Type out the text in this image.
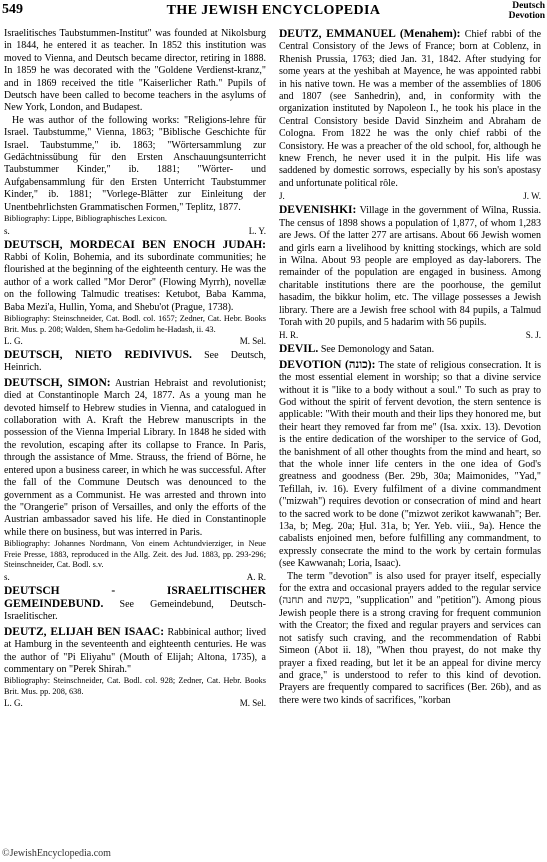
549	THE JEWISH ENCYCLOPEDIA	Deutsch
Devotion

Israelitisches Taubstummen-Institut" was founded at Nikolsburg in 1844, he entered it as teacher. In 1852 this institution was moved to Vienna, and Deutsch became director, retiring in 1888. In 1859 he was decorated with the "Goldene Verdienst-kranz," and in 1869 received the title "Kaiserlicher Rath." Pupils of Deutsch have been called to become teachers in the asylums of New York, London, and Budapest.

He was author of the following works: "Religions-lehre für Israel. Taubstumme," Vienna, 1863; "Biblische Geschichte für Israel. Taubstumme," ib. 1863; "Wörtersammlung zur Gedächtnissübung für den Ersten Anschauungsunterricht Taubstummer Kinder," ib. 1881; "Wörter- und Aufgabensammlung für den Ersten Unterricht Taubstummer Kinder," ib. 1881; "Vorlege-Blätter zur Einleitung der Unentbehrlichsten Grammatischen Formen," Teplitz, 1877.

Bibliography: Lippe, Bibliographisches Lexicon.

s.	L. Y.

DEUTSCH, MORDECAI BEN ENOCH JUDAH: Rabbi of Kolin, Bohemia, and its subordinate communities; he flourished at the beginning of the eighteenth century. He was the author of a work called "Mor Deror" (Flowing Myrrh), novellæ on the following Talmudic treatises: Ketubot, Baba Kamma, Baba Mezi'a, Hullin, Yoma, and Shebu'ot (Prague, 1738).

Bibliography: Steinschneider, Cat. Bodl. col. 1657; Zedner, Cat. Hebr. Books Brit. Mus. p. 208; Walden, Shem ha-Gedolim he-Hadash, ii. 43.

L. G.	M. Sel.

DEUTSCH, NIETO REDIVIVUS. See Deutsch, Heinrich.

DEUTSCH, SIMON: Austrian Hebraist and revolutionist; died at Constantinople March 24, 1877. As a young man he devoted himself to Hebrew studies in Vienna, and catalogued in collaboration with A. Kraft the Hebrew manuscripts in the possession of the Vienna Imperial Library. In 1848 he sided with the revolution, escaping after its collapse to France. In Paris, through the assistance of Mme. Strauss, the friend of Börne, he entered upon a business career, in which he was successful. After the fall of the Commune Deutsch was denounced to the government as a Communist. He was arrested and thrown into the "Orangerie" prison of Versailles, and only the efforts of the Austrian ambassador saved his life. He died in Constantinople while there on business, but was interred in Paris.

Bibliography: Johannes Nordmann, Von einem Achtundvierziger, in Neue Freie Presse, 1883, reproduced in the Allg. Zeit. des Jud. 1883, pp. 293-296; Steinschneider, Cat. Bodl. s.v.

s.	A. R.

DEUTSCH - ISRAELITISCHER GEMEINDEBUND. See Gemeindebund, Deutsch-Israelitischer.

DEUTZ, ELIJAH BEN ISAAC: Rabbinical author; lived at Hamburg in the seventeenth and eighteenth centuries. He was the author of "Pi Eliyahu" (Mouth of Elijah; Altona, 1735), a commentary on "Perek Shirah."

Bibliography: Steinschneider, Cat. Bodl. col. 928; Zedner, Cat. Hebr. Books Brit. Mus. pp. 208, 638.

L. G.	M. Sel.

DEUTZ, EMMANUEL (Menahem): Chief rabbi of the Central Consistory of the Jews of France; born at Coblenz, in Rhenish Prussia, 1763; died Jan. 31, 1842. After studying for some years at the yeshibah at Mayence, he was appointed rabbi in his native town. He was a member of the assemblies of 1806 and 1807 (see Sanhedrin), and, in conformity with the organization instituted by Napoleon I., he took his place in the Central Consistory beside David Sinzheim and Abraham de Cologna. From 1822 he was the only chief rabbi of the Consistory. He was a preacher of the old school, for, although he knew French, he never used it in the pulpit. His life was saddened by domestic sorrows, especially by his son's apostasy and unfortunate political rôle.

J.	J. W.

DEVENISHKI: Village in the government of Wilna, Russia. The census of 1898 shows a population of 1,877, of whom 1,283 are Jews. Of the latter 277 are artisans. About 66 Jewish women and girls earn a livelihood by knitting stockings, which are sold in Wilna. About 93 people are employed as day-laborers. The remainder of the population are engaged in business. Among charitable institutions there are the poorhouse, the gemilut hasadim, the bikkur holim, etc. The village possesses a Jewish library. There are a Jewish free school with 84 pupils, a Talmud Torah with 20 pupils, and 5 hadarim with 56 pupils.

H. R.	S. J.

DEVIL. See Demonology and Satan.

DEVOTION (כונה): The state of religious consecration. It is the most essential element in worship; so that a divine service without it is "like to a body without a soul." To such as pray to God without the spirit of fervent devotion, the stern sentence is applicable: "With their mouth and their lips they honored me, but their heart they removed far from me" (Isa. xxix. 13). Devotion is the entire dedication of the worshiper to the service of God, the banishment of all other thoughts from the mind and heart, so that the whole inner life centers in the one idea of God's greatness and goodness (Ber. 29b, 30a; Maimonides, "Yad," Tefillah, iv. 16). Every fulfilment of a divine commandment ("mizwah") requires devotion or consecration of mind and heart to the sacred work to be done ("mizwot zerikot kawwanah"; Ber. 13a, b; Meg. 20a; Ḥul. 31a, b; Yer. Yeb. viii., 9a). Hence the cabalists enjoined men, before fulfilling any commandment, to expressly consecrate the mind to the work by certain formulas (see Kawwanah; Loria, Isaac).

The term "devotion" is also used for prayer itself, especially for the extra and occasional prayers added to the regular service (תחנה and בקשה, "supplication" and "petition"). Among pious Jewish people there is a strong craving for frequent communion with the Creator; the fixed and regular prayers and services can not satisfy such craving, and the recommendation of Rabbi Simeon (Abot ii. 18), "When thou prayest, do not make thy prayer a fixed reading, but let it be an appeal for divine mercy and grace," is understood to refer to this kind of devotion. Prayers are frequently compared to sacrifices (Ber. 26b), and as there were two kinds of sacrifices, "korban

©JewishEncyclopedia.com
